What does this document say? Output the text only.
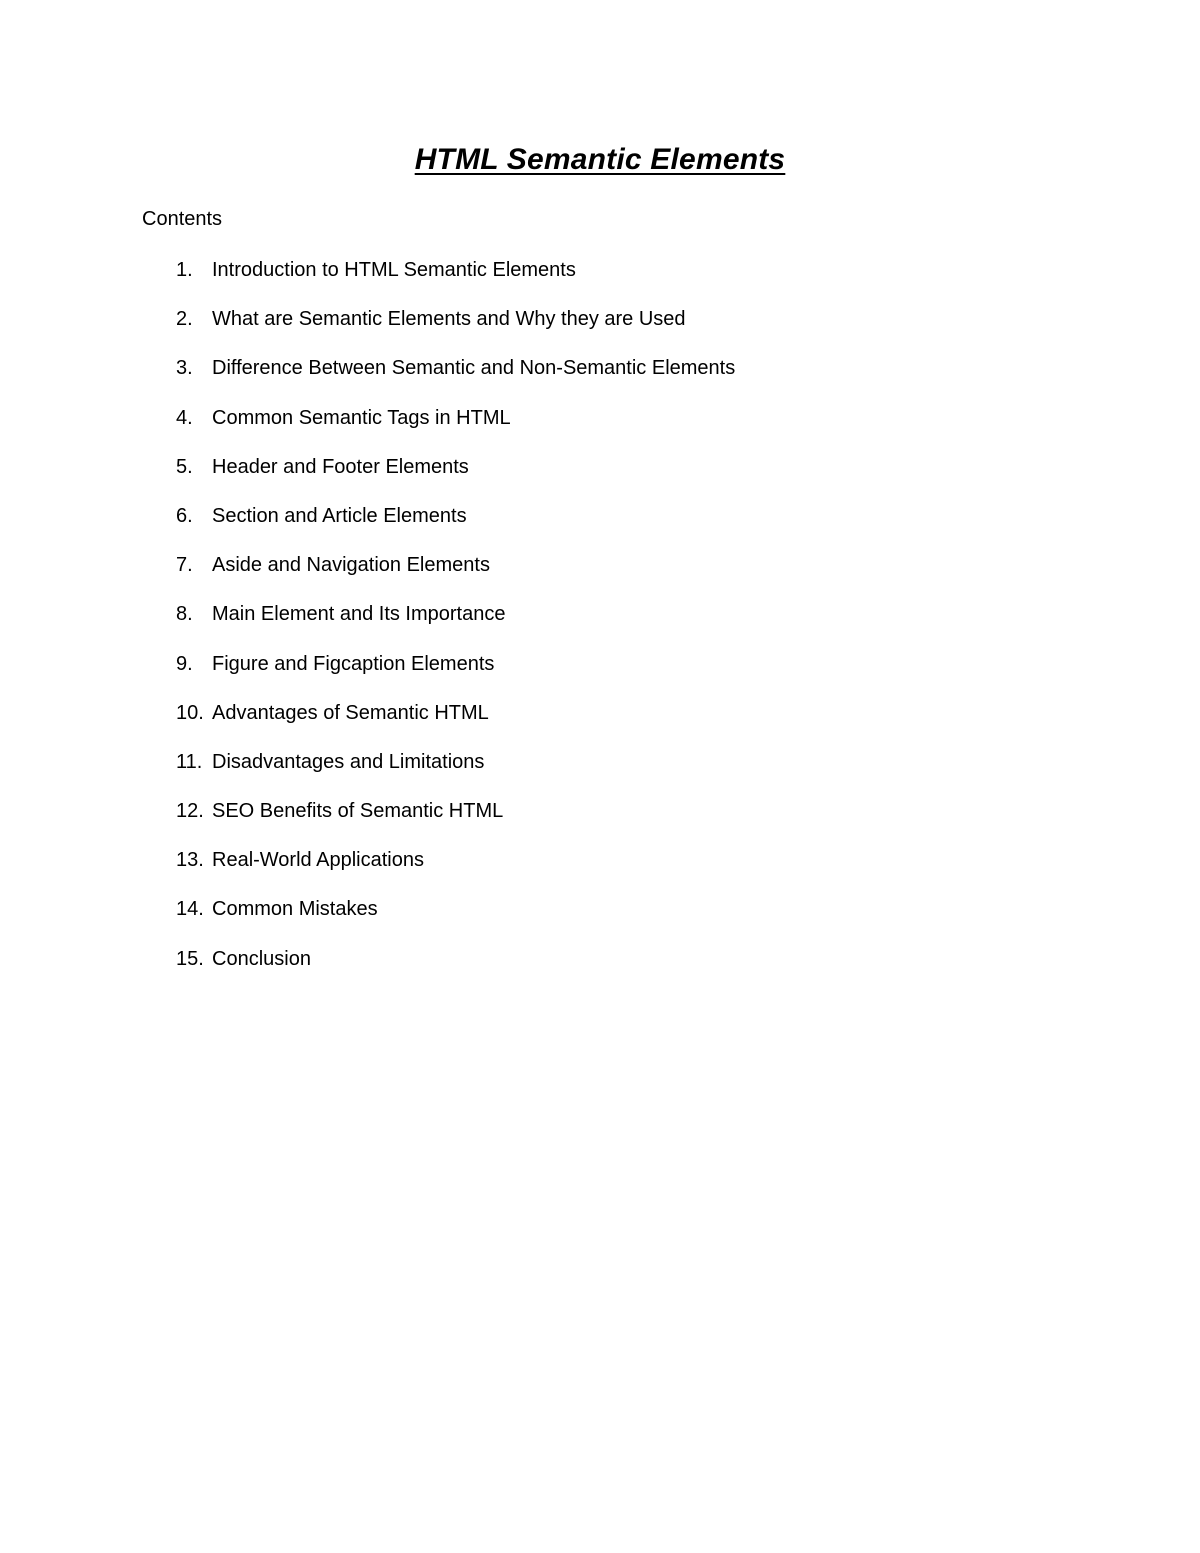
HTML Semantic Elements

Contents

1. Introduction to HTML Semantic Elements
2. What are Semantic Elements and Why they are Used
3. Difference Between Semantic and Non-Semantic Elements
4. Common Semantic Tags in HTML
5. Header and Footer Elements
6. Section and Article Elements
7. Aside and Navigation Elements
8. Main Element and Its Importance
9. Figure and Figcaption Elements
10. Advantages of Semantic HTML
11. Disadvantages and Limitations
12. SEO Benefits of Semantic HTML
13. Real-World Applications
14. Common Mistakes
15. Conclusion
